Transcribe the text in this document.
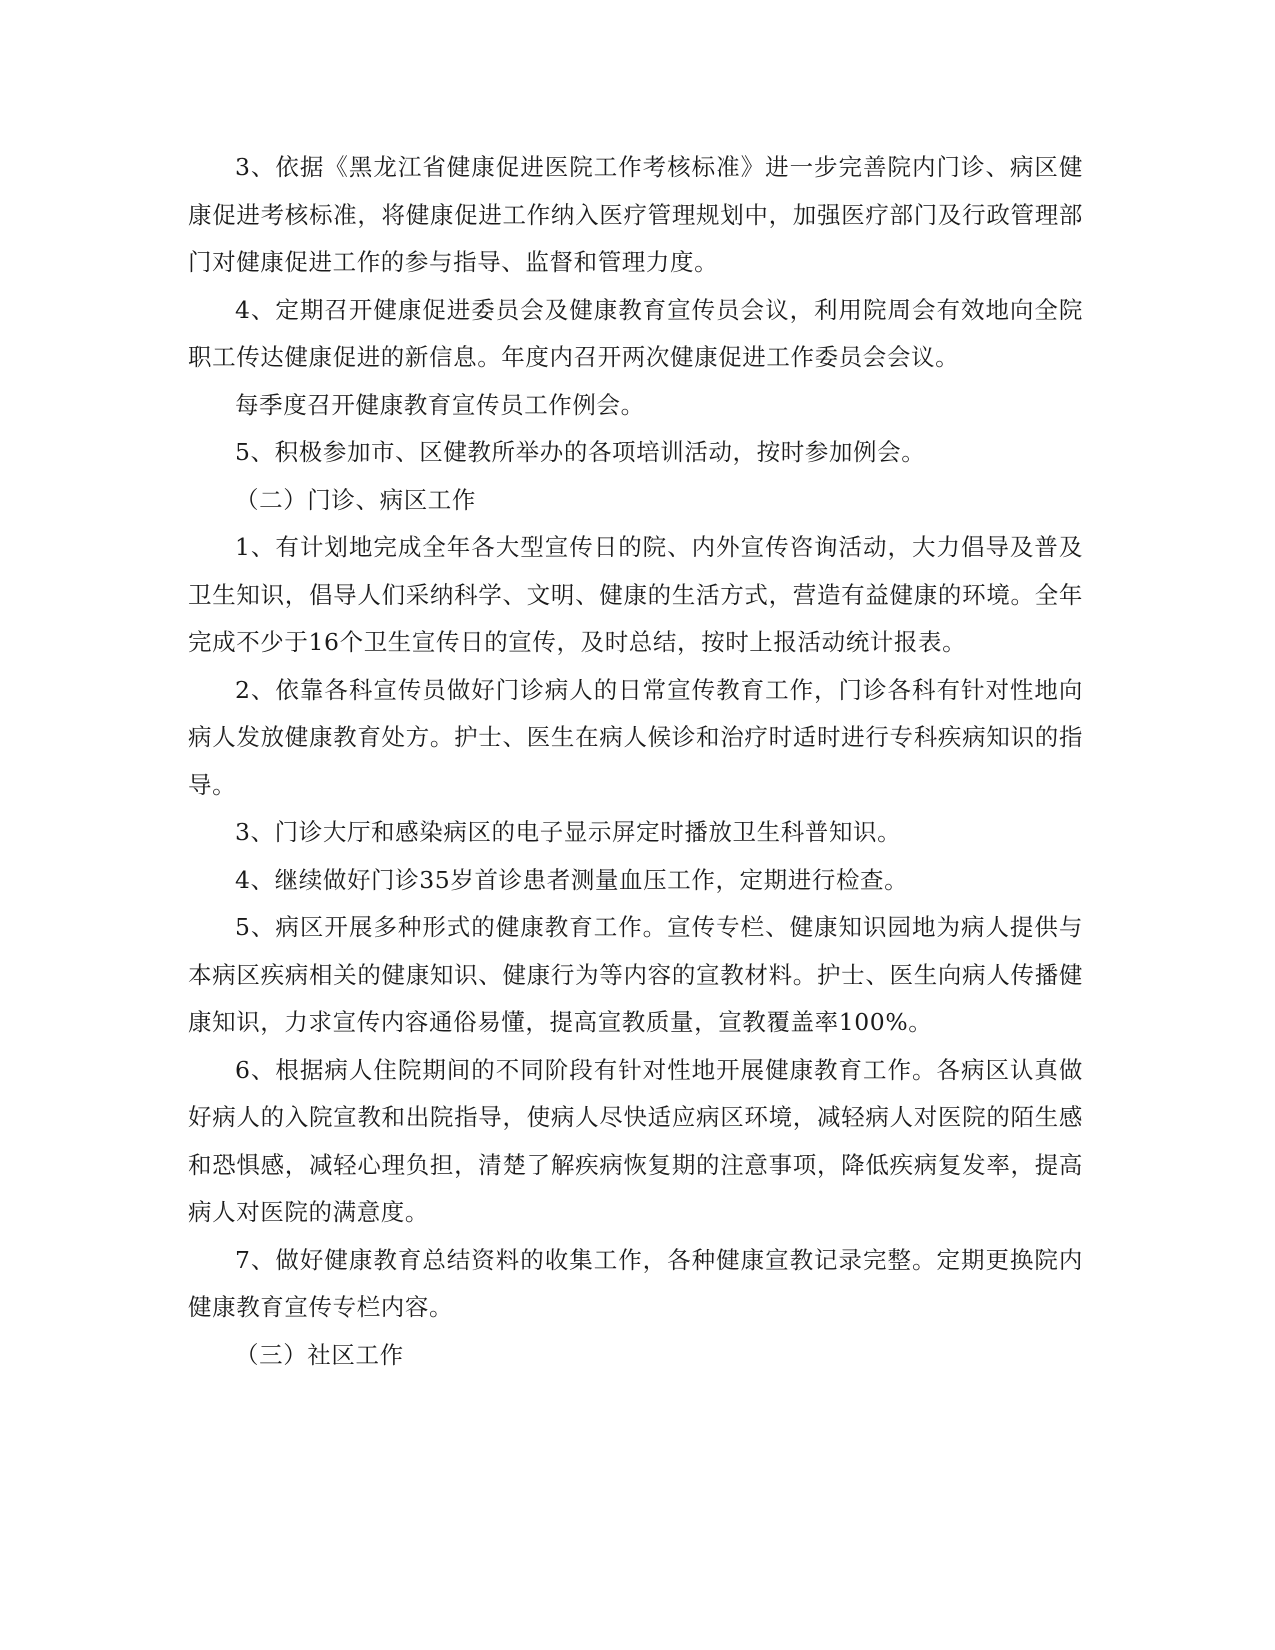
3、依据《黑龙江省健康促进医院工作考核标准》进一步完善院内门诊、病区健康促进考核标准，将健康促进工作纳入医疗管理规划中，加强医疗部门及行政管理部门对健康促进工作的参与指导、监督和管理力度。

4、定期召开健康促进委员会及健康教育宣传员会议，利用院周会有效地向全院职工传达健康促进的新信息。年度内召开两次健康促进工作委员会会议。

每季度召开健康教育宣传员工作例会。

5、积极参加市、区健教所举办的各项培训活动，按时参加例会。

（二）门诊、病区工作

1、有计划地完成全年各大型宣传日的院、内外宣传咨询活动，大力倡导及普及卫生知识，倡导人们采纳科学、文明、健康的生活方式，营造有益健康的环境。全年完成不少于16个卫生宣传日的宣传，及时总结，按时上报活动统计报表。

2、依靠各科宣传员做好门诊病人的日常宣传教育工作，门诊各科有针对性地向病人发放健康教育处方。护士、医生在病人候诊和治疗时适时进行专科疾病知识的指导。

3、门诊大厅和感染病区的电子显示屏定时播放卫生科普知识。

4、继续做好门诊35岁首诊患者测量血压工作，定期进行检查。

5、病区开展多种形式的健康教育工作。宣传专栏、健康知识园地为病人提供与本病区疾病相关的健康知识、健康行为等内容的宣教材料。护士、医生向病人传播健康知识，力求宣传内容通俗易懂，提高宣教质量，宣教覆盖率100%。

6、根据病人住院期间的不同阶段有针对性地开展健康教育工作。各病区认真做好病人的入院宣教和出院指导，使病人尽快适应病区环境，减轻病人对医院的陌生感和恐惧感，减轻心理负担，清楚了解疾病恢复期的注意事项，降低疾病复发率，提高病人对医院的满意度。

7、做好健康教育总结资料的收集工作，各种健康宣教记录完整。定期更换院内健康教育宣传专栏内容。

（三）社区工作
